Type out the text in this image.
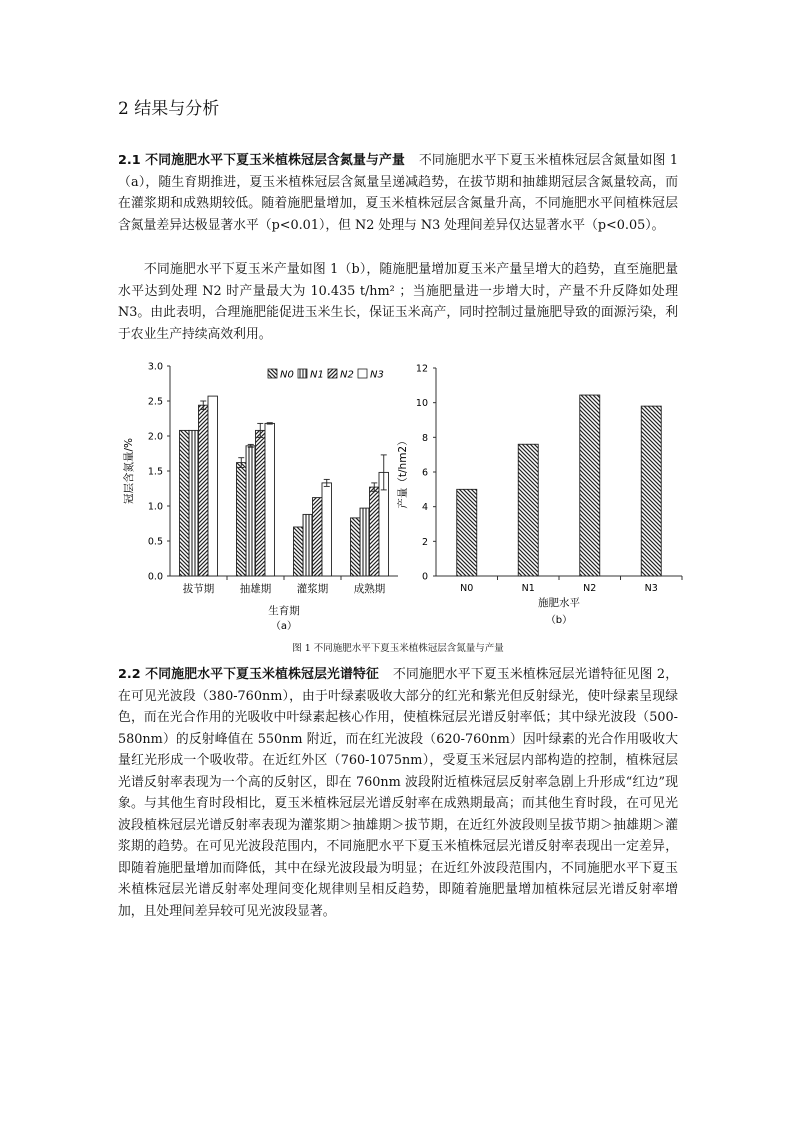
2 结果与分析

2.1 不同施肥水平下夏玉米植株冠层含氮量与产量 不同施肥水平下夏玉米植株冠层含氮量如图 1（a），随生育期推进，夏玉米植株冠层含氮量呈递减趋势，在拔节期和抽雄期冠层含氮量较高，而在灌浆期和成熟期较低。随着施肥量增加，夏玉米植株冠层含氮量升高，不同施肥水平间植株冠层含氮量差异达极显著水平（p<0.01），但 N2 处理与 N3 处理间差异仅达显著水平（p<0.05）。

不同施肥水平下夏玉米产量如图 1（b），随施肥量增加夏玉米产量呈增大的趋势，直至施肥量水平达到处理 N2 时产量最大为 10.435 t/hm² ；当施肥量进一步增大时，产量不升反降如处理 N3。由此表明，合理施肥能促进玉米生长，保证玉米高产，同时控制过量施肥导致的面源污染，利于农业生产持续高效利用。

0.0
0.5
1.0
1.5
2.0
2.5
3.0
拔节期 抽雄期 灌浆期 成熟期
N0 N1 N2 N3
生育期
冠层含氮量/%
（a）
0
2
4
6
8
10
12
N0	N1	N2	N3
施肥水平
产量（t/hm2）
（b）

图 1 不同施肥水平下夏玉米植株冠层含氮量与产量

2.2 不同施肥水平下夏玉米植株冠层光谱特征 不同施肥水平下夏玉米植株冠层光谱特征见图 2，在可见光波段（380-760nm），由于叶绿素吸收大部分的红光和紫光但反射绿光，使叶绿素呈现绿色，而在光合作用的光吸收中叶绿素起核心作用，使植株冠层光谱反射率低；其中绿光波段（500-580nm）的反射峰值在 550nm 附近，而在红光波段（620-760nm）因叶绿素的光合作用吸收大量红光形成一个吸收带。在近红外区（760-1075nm），受夏玉米冠层内部构造的控制，植株冠层光谱反射率表现为一个高的反射区，即在 760nm 波段附近植株冠层反射率急剧上升形成“红边”现象。与其他生育时段相比，夏玉米植株冠层光谱反射率在成熟期最高；而其他生育时段，在可见光波段植株冠层光谱反射率表现为灌浆期＞抽雄期＞拔节期，在近红外波段则呈拔节期＞抽雄期＞灌浆期的趋势。在可见光波段范围内，不同施肥水平下夏玉米植株冠层光谱反射率表现出一定差异，即随着施肥量增加而降低，其中在绿光波段最为明显；在近红外波段范围内，不同施肥水平下夏玉米植株冠层光谱反射率处理间变化规律则呈相反趋势，即随着施肥量增加植株冠层光谱反射率增加，且处理间差异较可见光波段显著。
